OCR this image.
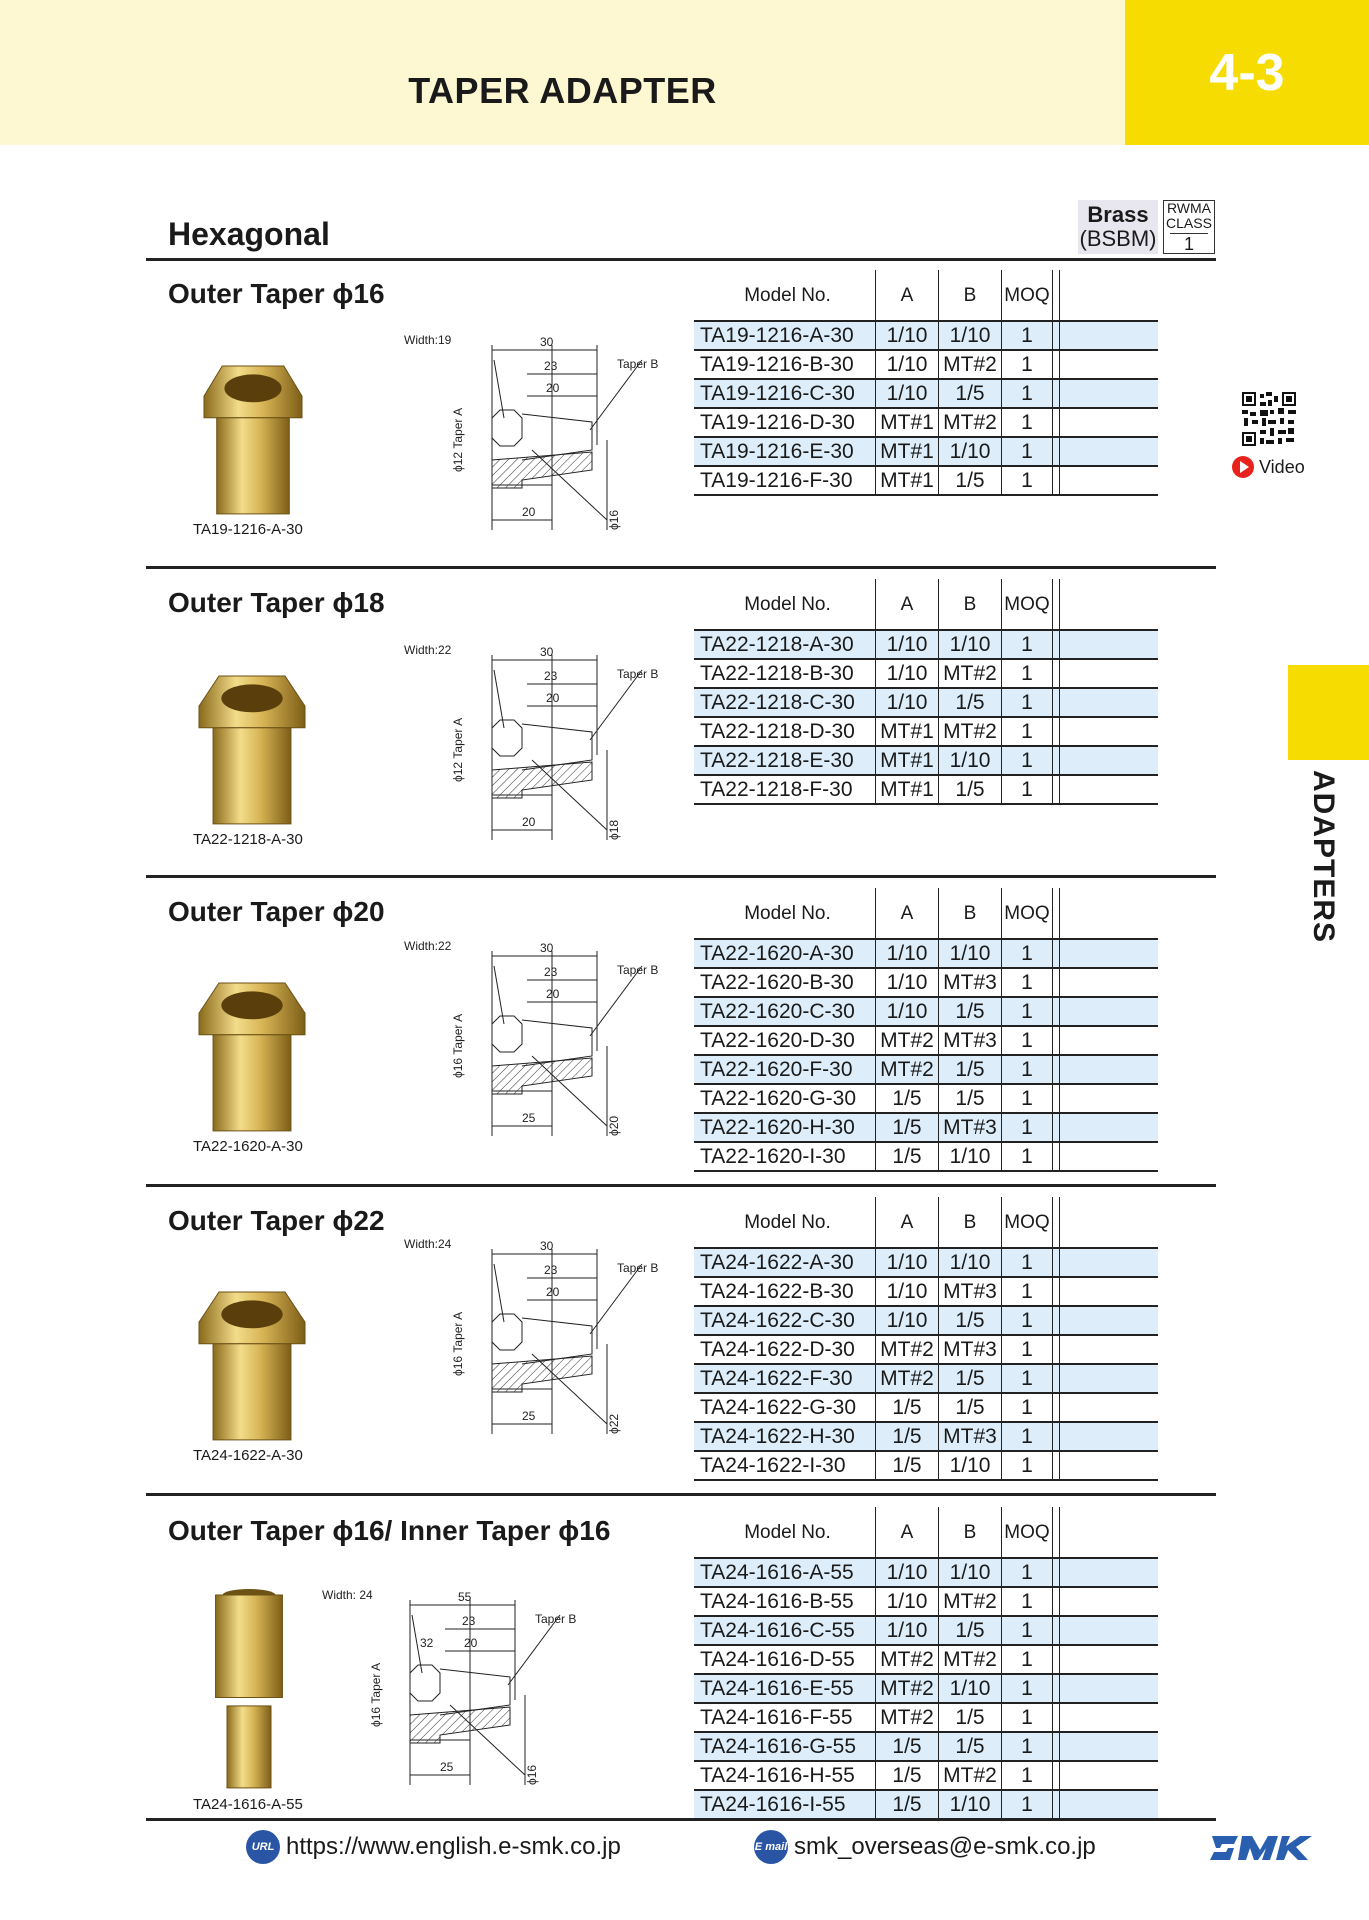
TAPER ADAPTER	4-3
Hexagonal
Brass
(BSBM)
RWMA CLASS
1
ADAPTERS
Video
Outer Taper ϕ16
TA19-1216-A-30
Width:19	30
23
20
Taper B
20
ϕ12 Taper A
ϕ16
Model No.	A	B	MOQ		
TA19-1216-A-30	1/10	1/10	1		
TA19-1216-B-30	1/10	MT#2	1		
TA19-1216-C-30	1/10	1/5	1		
TA19-1216-D-30	MT#1	MT#2	1		
TA19-1216-E-30	MT#1	1/10	1		
TA19-1216-F-30	MT#1	1/5	1		
Outer Taper ϕ18
TA22-1218-A-30
Width:22	30
23
20
Taper B
20
ϕ12 Taper A
ϕ18
Model No.	A	B	MOQ		
TA22-1218-A-30	1/10	1/10	1		
TA22-1218-B-30	1/10	MT#2	1		
TA22-1218-C-30	1/10	1/5	1		
TA22-1218-D-30	MT#1	MT#2	1		
TA22-1218-E-30	MT#1	1/10	1		
TA22-1218-F-30	MT#1	1/5	1		
Outer Taper ϕ20
TA22-1620-A-30
Width:22	30
23
20
Taper B
25
ϕ16 Taper A
ϕ20
Model No.	A	B	MOQ		
TA22-1620-A-30	1/10	1/10	1		
TA22-1620-B-30	1/10	MT#3	1		
TA22-1620-C-30	1/10	1/5	1		
TA22-1620-D-30	MT#2	MT#3	1		
TA22-1620-F-30	MT#2	1/5	1		
TA22-1620-G-30	1/5	1/5	1		
TA22-1620-H-30	1/5	MT#3	1		
TA22-1620-I-30	1/5	1/10	1		
Outer Taper ϕ22
TA24-1622-A-30
Width:24	30
23
20
Taper B
25
ϕ16 Taper A
ϕ22
Model No.	A	B	MOQ		
TA24-1622-A-30	1/10	1/10	1		
TA24-1622-B-30	1/10	MT#3	1		
TA24-1622-C-30	1/10	1/5	1		
TA24-1622-D-30	MT#2	MT#3	1		
TA24-1622-F-30	MT#2	1/5	1		
TA24-1622-G-30	1/5	1/5	1		
TA24-1622-H-30	1/5	MT#3	1		
TA24-1622-I-30	1/5	1/10	1		
Outer Taper ϕ16/ Inner Taper ϕ16
TA24-1616-A-55
Width: 24	55
23
20
Taper B
25
ϕ16 Taper A
ϕ16
32
Model No.	A	B	MOQ		
TA24-1616-A-55	1/10	1/10	1		
TA24-1616-B-55	1/10	MT#2	1		
TA24-1616-C-55	1/10	1/5	1		
TA24-1616-D-55	MT#2	MT#2	1		
TA24-1616-E-55	MT#2	1/10	1		
TA24-1616-F-55	MT#2	1/5	1		
TA24-1616-G-55	1/5	1/5	1		
TA24-1616-H-55	1/5	MT#2	1		
TA24-1616-I-55	1/5	1/10	1		
URL https://www.english.e-smk.co.jp	E mail smk_overseas@e-smk.co.jp
